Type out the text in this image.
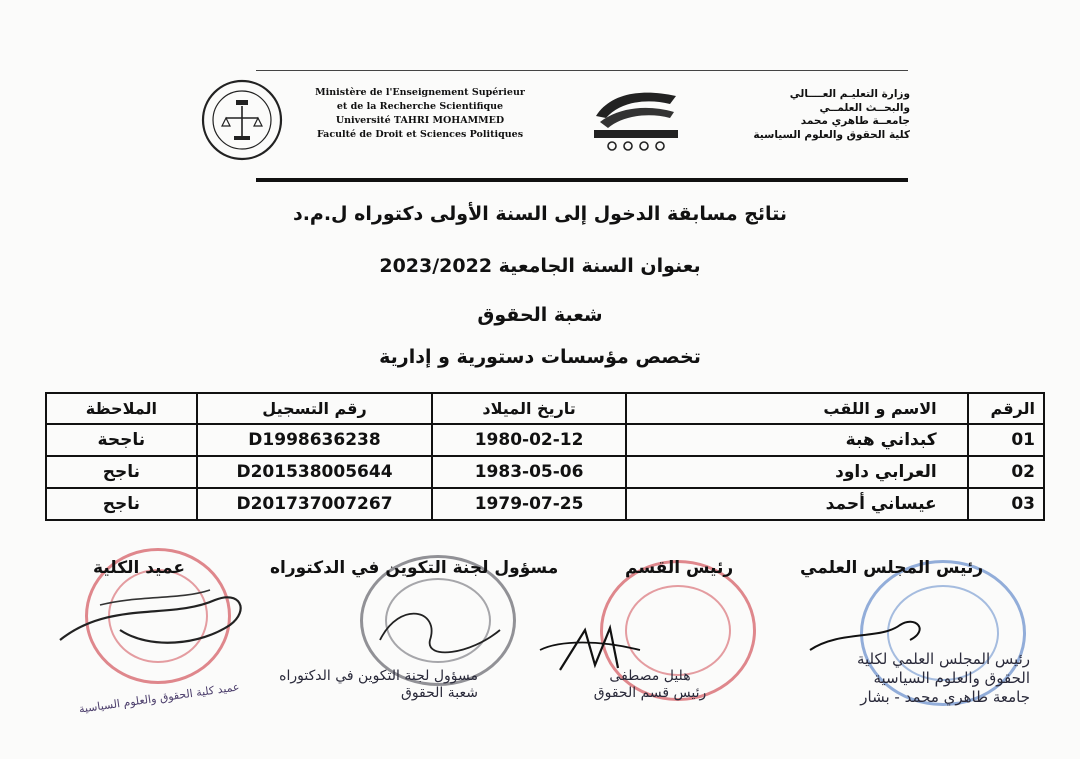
Ministère de l'Enseignement Supérieur
et de la Recherche Scientifique
Université TAHRI MOHAMMED
Faculté de Droit et Sciences Politiques
وزارة التعليـم العــــالي
والبحــث العلمــي
جامعــة طاهري محمد
كلية الحقوق والعلوم السياسية
نتائج مسابقة الدخول إلى السنة الأولى دكتوراه ل.م.د
بعنوان السنة الجامعية 2023/2022
شعبة الحقوق
تخصص مؤسسات دستورية و إدارية
الرقم	الاسم و اللقب	تاريخ الميلاد	رقم التسجيل	الملاحظة
01	كبداني هبة	1980-02-12	D1998636238	ناجحة
02	العرابي داود	1983-05-06	D201538005644	ناجح
03	عيساني أحمد	1979-07-25	D201737007267	ناجح
عميد الكلية	مسؤول لجنة التكوين في الدكتوراه	رئيس القسم	رئيس المجلس العلمي
مسؤول لجنة التكوين في الدكتوراه
شعبة الحقوق
هليل مصطفى
رئيس قسم الحقوق
رئيس المجلس العلمي لكلية
الحقوق والعلوم السياسية
جامعة طاهري محمد - بشار
عميد كلية الحقوق والعلوم السياسية
